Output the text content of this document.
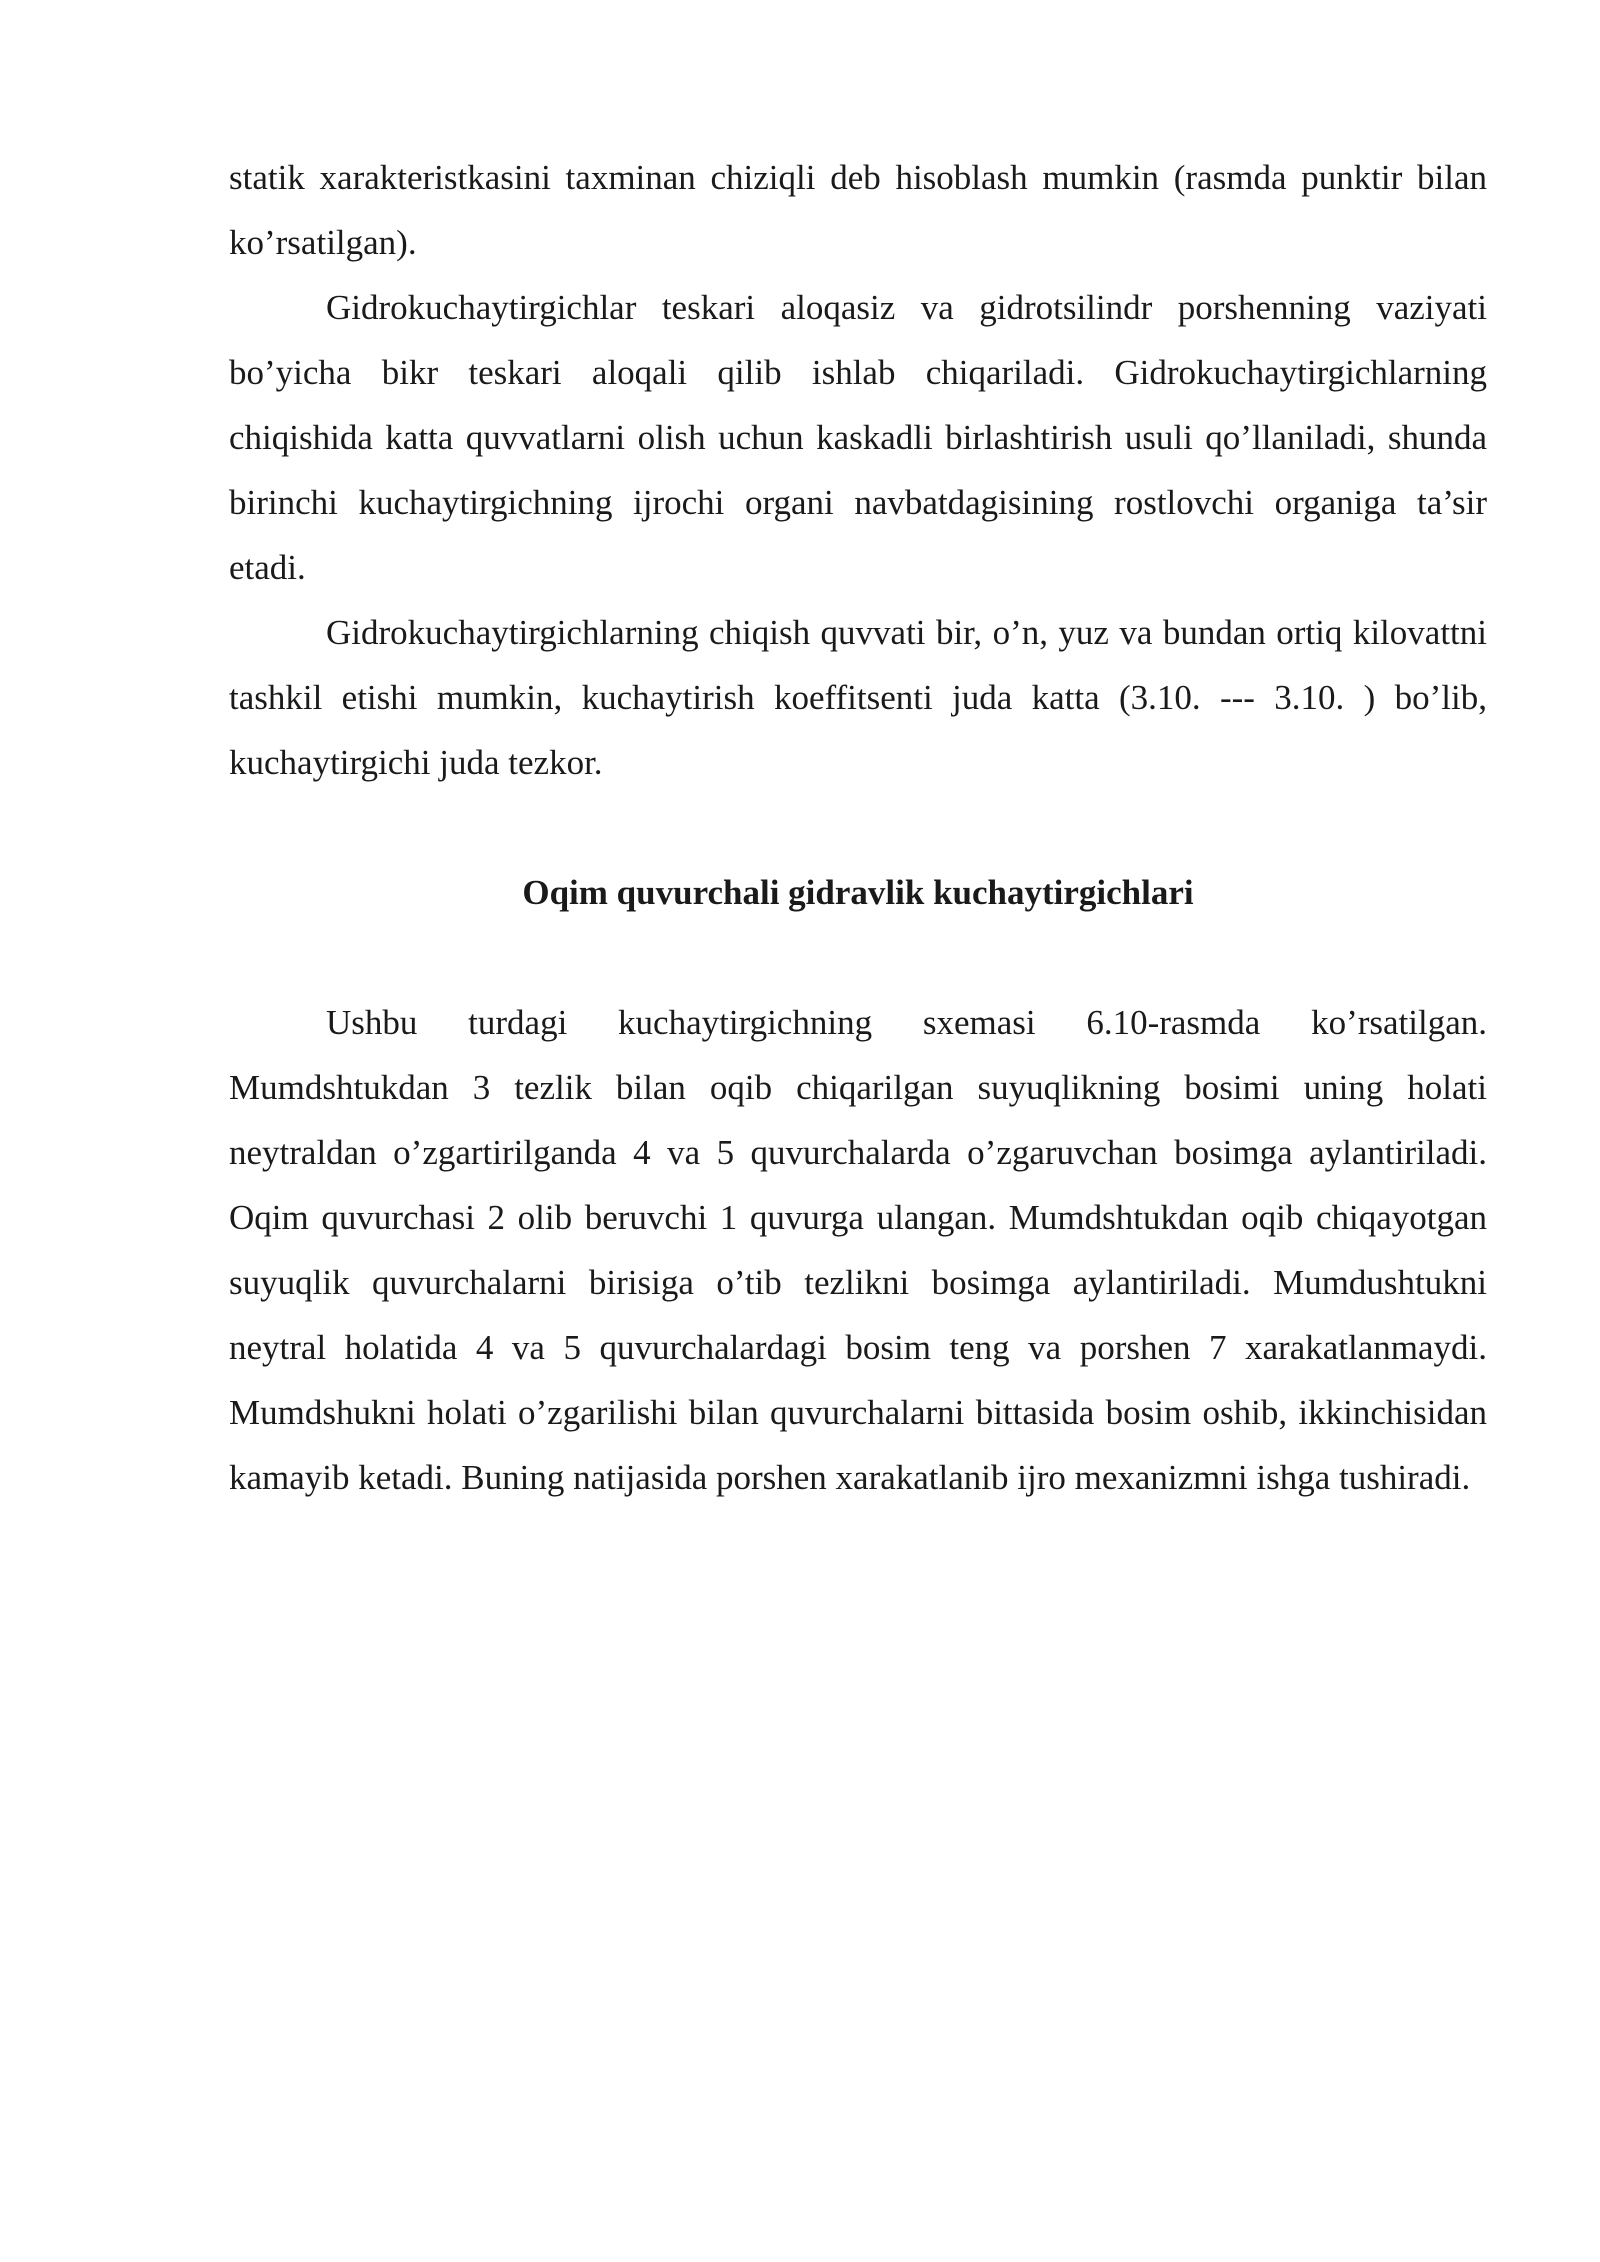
statik xarakteristkasini taxminan chiziqli deb hisoblash mumkin (rasmda punktir bilan ko’rsatilgan).

Gidrokuchaytirgichlar teskari aloqasiz va gidrotsilindr porshenning vaziyati bo’yicha bikr teskari aloqali qilib ishlab chiqariladi. Gidrokuchaytirgichlarning chiqishida katta quvvatlarni olish uchun kaskadli birlashtirish usuli qo’llaniladi, shunda birinchi kuchaytirgichning ijrochi organi navbatdagisining rostlovchi organiga ta’sir etadi.

Gidrokuchaytirgichlarning chiqish quvvati bir, o’n, yuz va bundan ortiq kilovattni tashkil etishi mumkin, kuchaytirish koeffitsenti juda katta (3.10. --- 3.10. ) bo’lib, kuchaytirgichi juda tezkor.

Oqim quvurchali gidravlik kuchaytirgichlari

Ushbu turdagi kuchaytirgichning sxemasi 6.10-rasmda ko’rsatilgan. Mumdshtukdan 3 tezlik bilan oqib chiqarilgan suyuqlikning bosimi uning holati neytraldan o’zgartirilganda 4 va 5 quvurchalarda o’zgaruvchan bosimga aylantiriladi. Oqim quvurchasi 2 olib beruvchi 1 quvurga ulangan. Mumdshtukdan oqib chiqayotgan suyuqlik quvurchalarni birisiga o’tib tezlikni bosimga aylantiriladi. Mumdushtukni neytral holatida 4 va 5 quvurchalardagi bosim teng va porshen 7 xarakatlanmaydi. Mumdshukni holati o’zgarilishi bilan quvurchalarni bittasida bosim oshib, ikkinchisidan kamayib ketadi. Buning natijasida porshen xarakatlanib ijro mexanizmni ishga tushiradi.
